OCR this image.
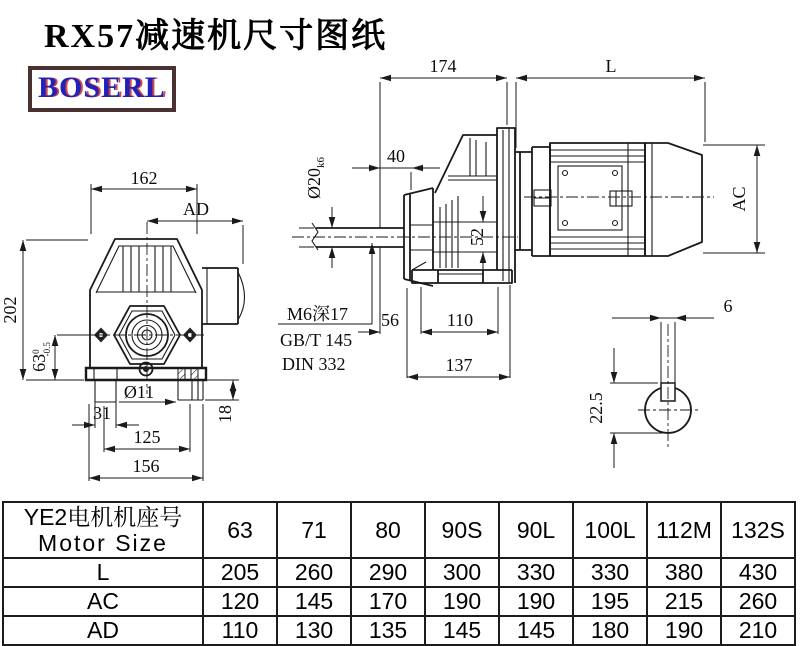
RX57减速机尺寸图纸
BOSERL
162
AD
202
$63^0-0.5$
31
Ø11
125
156
18
52
174
40
$Ø20_{k6}$
56	110
137
M6深17
GB/T 145
DIN 332
L
AC
6
22.5
YE2电机机座号
Motor Size	63	71	80	90S	90L	100L	112M	132S
L	205	260	290	300	330	330	380	430
AC	120	145	170	190	190	195	215	260
AD	110	130	135	145	145	180	190	210
